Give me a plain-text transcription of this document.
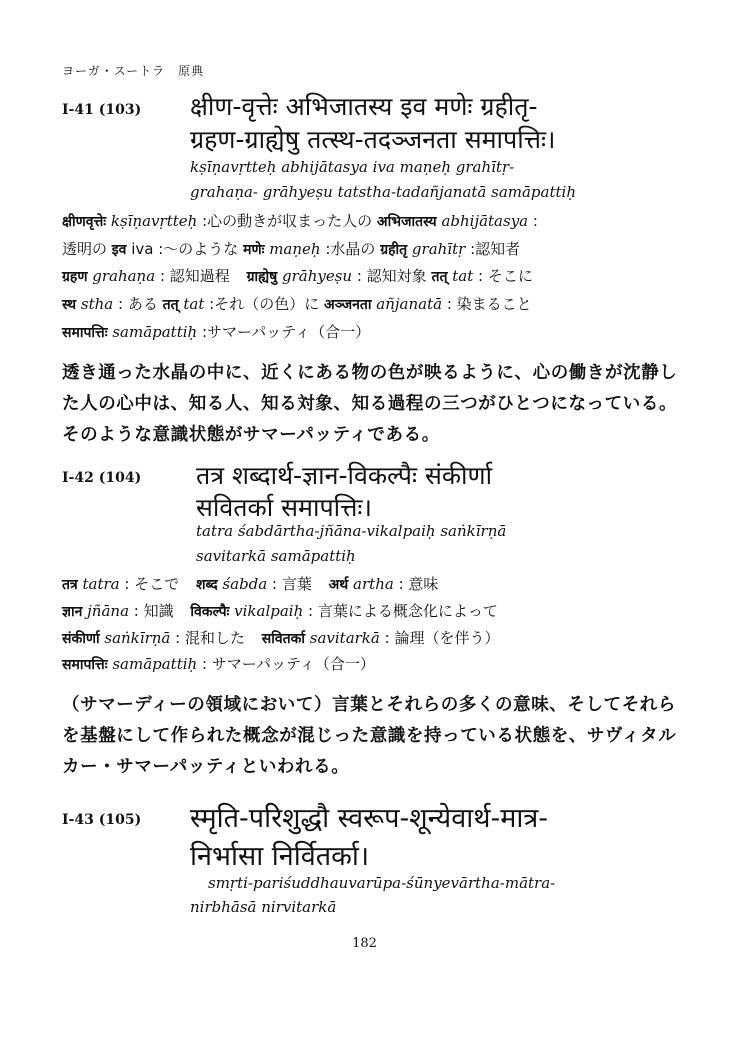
ヨーガ・スートラ　原典
I-41 (103) क्षीण-वृत्तेः अभिजातस्य इव मणेः ग्रहीतृ-
ग्रहण-ग्राह्येषु तत्स्थ-तदञ्जनता समापत्तिः।
kṣīṇavṛtteḥ abhijātasya iva maṇeḥ grahītṛ-
grahaṇa- grāhyeṣu tatstha-tadañjanatā samāpattiḥ
क्षीणवृत्तेः kṣīṇavṛtteḥ :心の動きが収まった人の अभिजातस्य abhijātasya :
透明の इव iva :〜のような मणेः maṇeḥ :水晶の ग्रहीतृ grahītṛ :認知者
ग्रहण grahaṇa : 認知過程 ग्राह्येषु grāhyeṣu : 認知対象 तत् tat : そこに
स्थ stha : ある तत् tat :それ（の色）に अञ्जनता añjanatā : 染まること
समापत्तिः samāpattiḥ :サマーパッティ（合一）
透き通った水晶の中に、近くにある物の色が映るように、心の働きが沈静した人の心中は、知る人、知る対象、知る過程の三つがひとつになっている。そのような意識状態がサマーパッティである。
I-42 (104) तत्र शब्दार्थ-ज्ञान-विकल्पैः संकीर्णा
सवितर्का समापत्तिः।
tatra śabdārtha-jñāna-vikalpaiḥ saṅkīrṇā
savitarkā samāpattiḥ
तत्र tatra : そこで शब्द śabda : 言葉 अर्थ artha : 意味
ज्ञान jñāna : 知識 विकल्पैः vikalpaiḥ : 言葉による概念化によって
संकीर्णा saṅkīrṇā : 混和した सवितर्का savitarkā : 論理（を伴う）
समापत्तिः samāpattiḥ : サマーパッティ（合一）
（サマーディーの領域において）言葉とそれらの多くの意味、そしてそれらを基盤にして作られた概念が混じった意識を持っている状態を、サヴィタルカー・サマーパッティといわれる。
I-43 (105) स्मृति-परिशुद्धौ स्वरूप-शून्येवार्थ-मात्र-
निर्भासा निर्वितर्का।
smṛti-pariśuddhauvarūpa-śūnyevārtha-mātra-
nirbhāsā nirvitarkā
182
